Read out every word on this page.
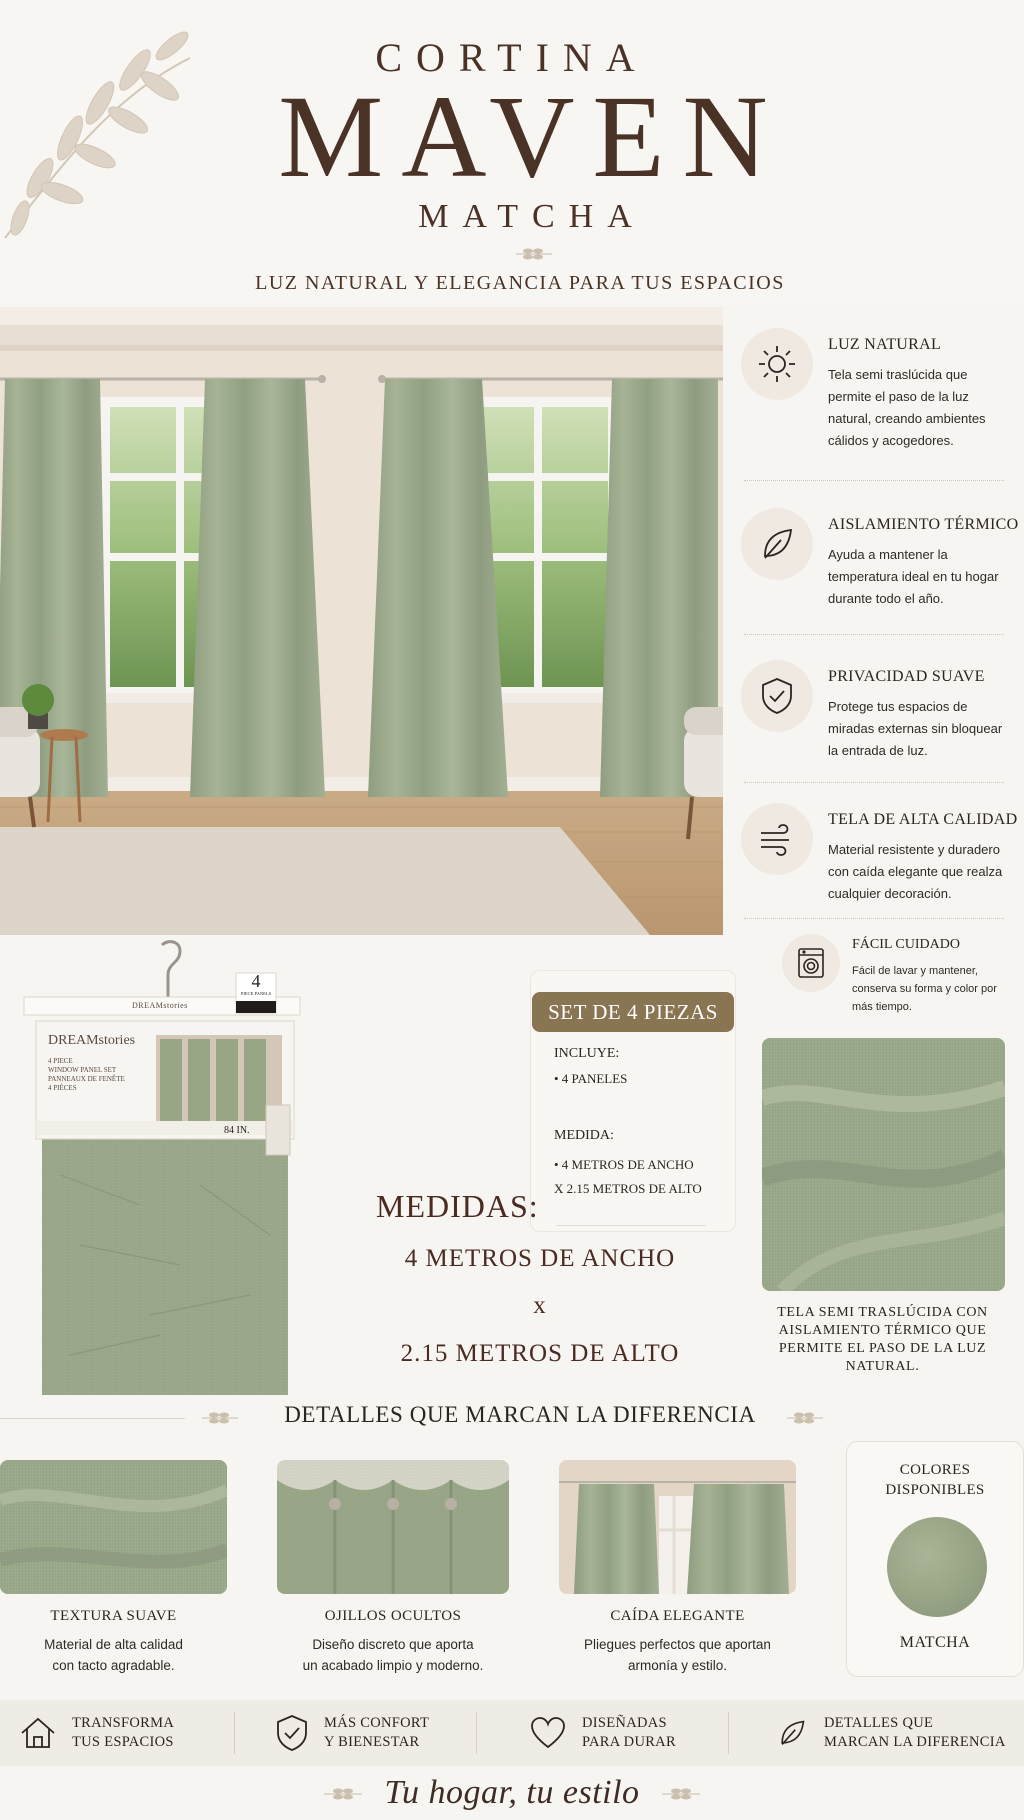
CORTINA
MAVEN
MATCHA
LUZ NATURAL Y ELEGANCIA PARA TUS ESPACIOS
LUZ NATURAL
Tela semi traslúcida que permite el paso de la luz natural, creando ambientes cálidos y acogedores.
AISLAMIENTO TÉRMICO
Ayuda a mantener la temperatura ideal en tu hogar durante todo el año.
PRIVACIDAD SUAVE
Protege tus espacios de miradas externas sin bloquear la entrada de luz.
TELA DE ALTA CALIDAD
Material resistente y duradero con caída elegante que realza cualquier decoración.
FÁCIL CUIDADO
Fácil de lavar y mantener, conserva su forma y color por más tiempo.
DREAMstories
4
PIECE PANELS
DREAMstories
4 PIECE
WINDOW PANEL SET
PANNEAUX DE FENÊTE
4 PIÈCES
84 IN.
SET DE 4 PIEZAS
INCLUYE:
• 4 PANELES
MEDIDA:
• 4 METROS DE ANCHO
X 2.15 METROS DE ALTO
MEDIDAS:
4 METROS DE ANCHO
x
2.15 METROS DE ALTO
TELA SEMI TRASLÚCIDA CON AISLAMIENTO TÉRMICO QUE PERMITE EL PASO DE LA LUZ NATURAL.
DETALLES QUE MARCAN LA DIFERENCIA
TEXTURA SUAVE
Material de alta calidad
con tacto agradable.
OJILLOS OCULTOS
Diseño discreto que aporta
un acabado limpio y moderno.
CAÍDA ELEGANTE
Pliegues perfectos que aportan
armonía y estilo.
COLORES
DISPONIBLES
MATCHA
TRANSFORMA
TUS ESPACIOS
MÁS CONFORT
Y BIENESTAR
DISEÑADAS
PARA DURAR
DETALLES QUE
MARCAN LA DIFERENCIA
Tu hogar, tu estilo
